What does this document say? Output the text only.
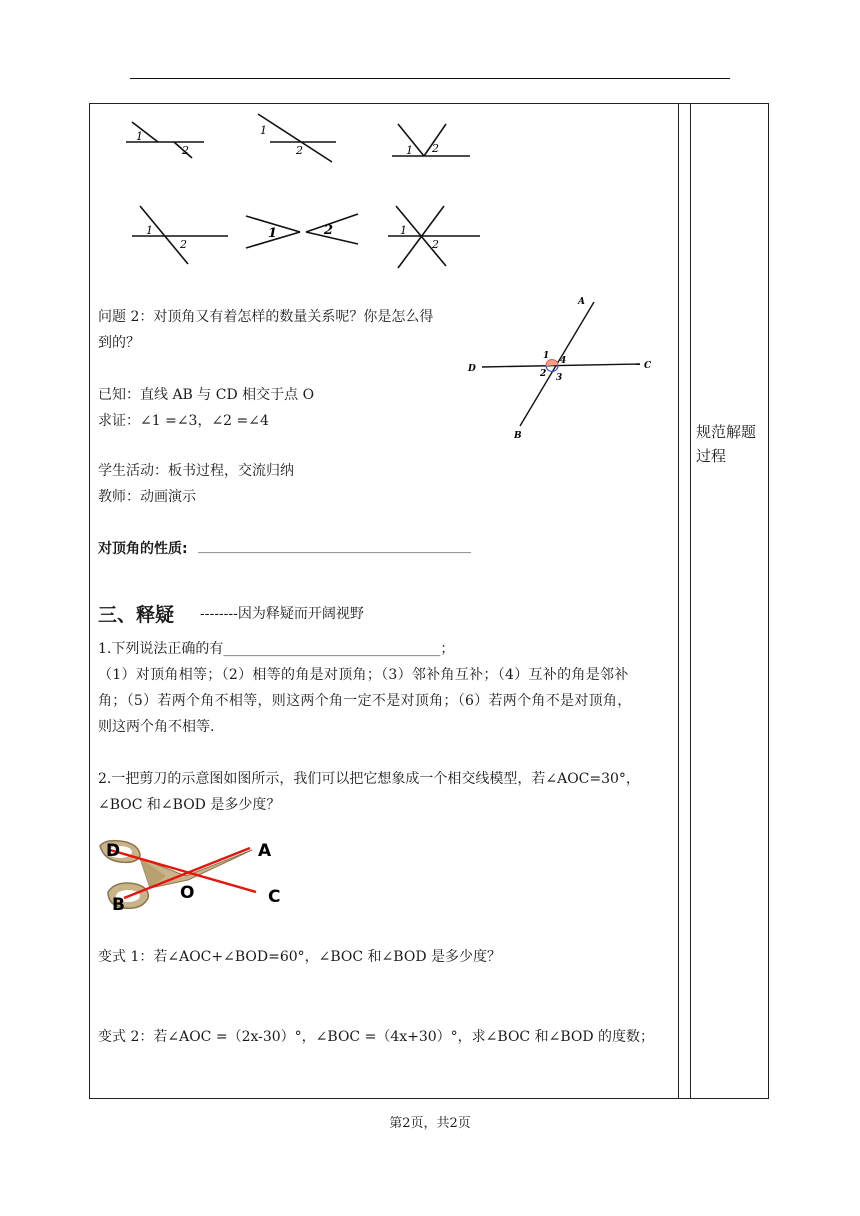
规范解题过程
1
2
1
2	1 2
1
2
1	2	1
2
问题 2：对顶角又有着怎样的数量关系呢？你是怎么得
到的？
A
B
C
D
1 4
2 3
已知：直线 AB 与 CD 相交于点 O
求证：∠1 =∠3，∠2 =∠4
学生活动：板书过程，交流归纳
教师：动画演示
对顶角的性质: __________________________________________
三、释疑 --------因为释疑而开阔视野
1.下列说法正确的有_______________________________；
（1）对顶角相等；（2）相等的角是对顶角；（3）邻补角互补；（4）互补的角是邻补
角；（5）若两个角不相等，则这两个角一定不是对顶角；（6）若两个角不是对顶角，
则这两个角不相等.
2.一把剪刀的示意图如图所示，我们可以把它想象成一个相交线模型，若∠AOC=30°，
∠BOC 和∠BOD 是多少度？
D
B
O
A
C
变式 1：若∠AOC+∠BOD=60°，∠BOC 和∠BOD 是多少度？
变式 2：若∠AOC =（2x-30）°，∠BOC =（4x+30）°，求∠BOC 和∠BOD 的度数；
第2页，共2页
